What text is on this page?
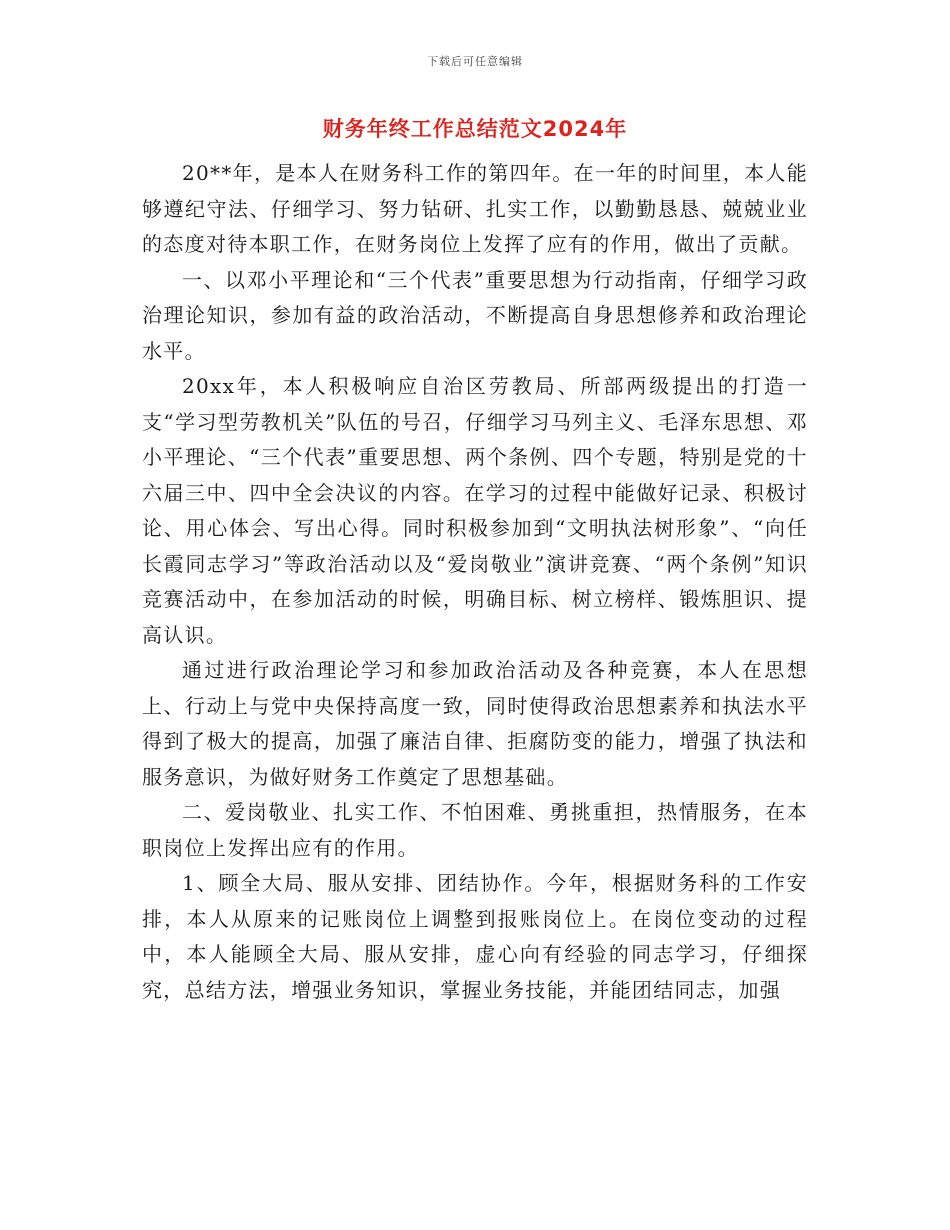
下载后可任意编辑
财务年终工作总结范文2024年

20**年，是本人在财务科工作的第四年。在一年的时间里，本人能够遵纪守法、仔细学习、努力钻研、扎实工作，以勤勤恳恳、兢兢业业的态度对待本职工作，在财务岗位上发挥了应有的作用，做出了贡献。

一、以邓小平理论和“三个代表”重要思想为行动指南，仔细学习政治理论知识，参加有益的政治活动，不断提高自身思想修养和政治理论水平。

20xx年，本人积极响应自治区劳教局、所部两级提出的打造一支“学习型劳教机关”队伍的号召，仔细学习马列主义、毛泽东思想、邓小平理论、“三个代表”重要思想、两个条例、四个专题，特别是党的十六届三中、四中全会决议的内容。在学习的过程中能做好记录、积极讨论、用心体会、写出心得。同时积极参加到“文明执法树形象”、“向任长霞同志学习”等政治活动以及“爱岗敬业”演讲竞赛、“两个条例”知识竞赛活动中，在参加活动的时候，明确目标、树立榜样、锻炼胆识、提高认识。

通过进行政治理论学习和参加政治活动及各种竞赛，本人在思想上、行动上与党中央保持高度一致，同时使得政治思想素养和执法水平得到了极大的提高，加强了廉洁自律、拒腐防变的能力，增强了执法和服务意识，为做好财务工作奠定了思想基础。

二、爱岗敬业、扎实工作、不怕困难、勇挑重担，热情服务，在本职岗位上发挥出应有的作用。

1、顾全大局、服从安排、团结协作。今年，根据财务科的工作安排，本人从原来的记账岗位上调整到报账岗位上。在岗位变动的过程中，本人能顾全大局、服从安排，虚心向有经验的同志学习，仔细探究，总结方法，增强业务知识，掌握业务技能，并能团结同志，加强
